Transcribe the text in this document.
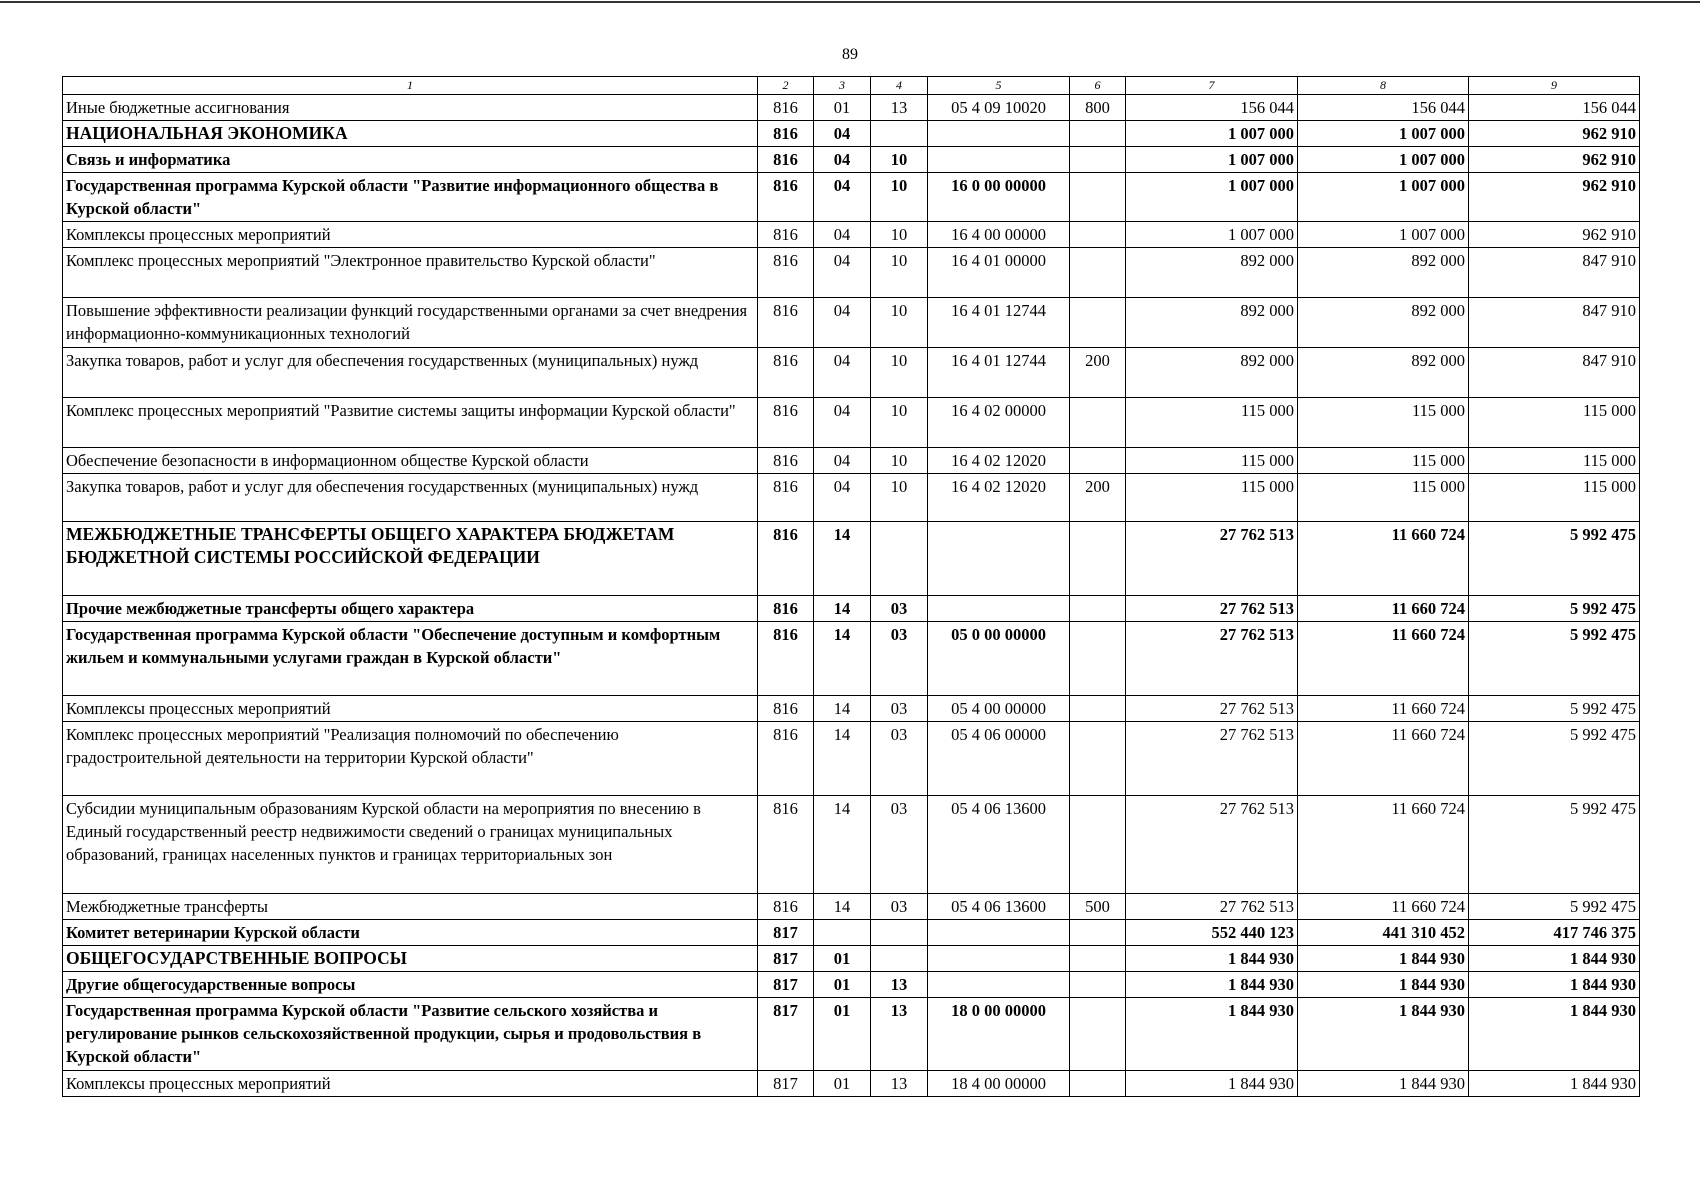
89
1	2	3	4	5	6	7	8	9
Иные бюджетные ассигнования	816	01	13	05 4 09 10020	800	156 044	156 044	156 044
НАЦИОНАЛЬНАЯ ЭКОНОМИКА	816	04				1 007 000	1 007 000	962 910
Связь и информатика	816	04	10			1 007 000	1 007 000	962 910
Государственная программа Курской области "Развитие информационного общества в Курской области"	816	04	10	16 0 00 00000		1 007 000	1 007 000	962 910
Комплексы процессных мероприятий	816	04	10	16 4 00 00000		1 007 000	1 007 000	962 910
Комплекс процессных мероприятий "Электронное правительство Курской области"	816	04	10	16 4 01 00000		892 000	892 000	847 910
Повышение эффективности реализации функций государственными органами за счет внедрения информационно-коммуникационных технологий	816	04	10	16 4 01 12744		892 000	892 000	847 910
Закупка товаров, работ и услуг для обеспечения государственных (муниципальных) нужд	816	04	10	16 4 01 12744	200	892 000	892 000	847 910
Комплекс процессных мероприятий "Развитие системы защиты информации Курской области"	816	04	10	16 4 02 00000		115 000	115 000	115 000
Обеспечение безопасности в информационном обществе Курской области	816	04	10	16 4 02 12020		115 000	115 000	115 000
Закупка товаров, работ и услуг для обеспечения государственных (муниципальных) нужд	816	04	10	16 4 02 12020	200	115 000	115 000	115 000
МЕЖБЮДЖЕТНЫЕ ТРАНСФЕРТЫ ОБЩЕГО ХАРАКТЕРА БЮДЖЕТАМ БЮДЖЕТНОЙ СИСТЕМЫ РОССИЙСКОЙ ФЕДЕРАЦИИ	816	14				27 762 513	11 660 724	5 992 475
Прочие межбюджетные трансферты общего характера	816	14	03			27 762 513	11 660 724	5 992 475
Государственная программа Курской области "Обеспечение доступным и комфортным жильем и коммунальными услугами граждан в Курской области"	816	14	03	05 0 00 00000		27 762 513	11 660 724	5 992 475
Комплексы процессных мероприятий	816	14	03	05 4 00 00000		27 762 513	11 660 724	5 992 475
Комплекс процессных мероприятий "Реализация полномочий по обеспечению градостроительной деятельности на территории Курской области"	816	14	03	05 4 06 00000		27 762 513	11 660 724	5 992 475
Субсидии муниципальным образованиям Курской области на мероприятия по внесению в Единый государственный реестр недвижимости сведений о границах муниципальных образований, границах населенных пунктов и границах территориальных зон	816	14	03	05 4 06 13600		27 762 513	11 660 724	5 992 475
Межбюджетные трансферты	816	14	03	05 4 06 13600	500	27 762 513	11 660 724	5 992 475
Комитет ветеринарии Курской области	817					552 440 123	441 310 452	417 746 375
ОБЩЕГОСУДАРСТВЕННЫЕ ВОПРОСЫ	817	01				1 844 930	1 844 930	1 844 930
Другие общегосударственные вопросы	817	01	13			1 844 930	1 844 930	1 844 930
Государственная программа Курской области "Развитие сельского хозяйства и регулирование рынков сельскохозяйственной продукции, сырья и продовольствия в Курской области"	817	01	13	18 0 00 00000		1 844 930	1 844 930	1 844 930
Комплексы процессных мероприятий	817	01	13	18 4 00 00000		1 844 930	1 844 930	1 844 930
